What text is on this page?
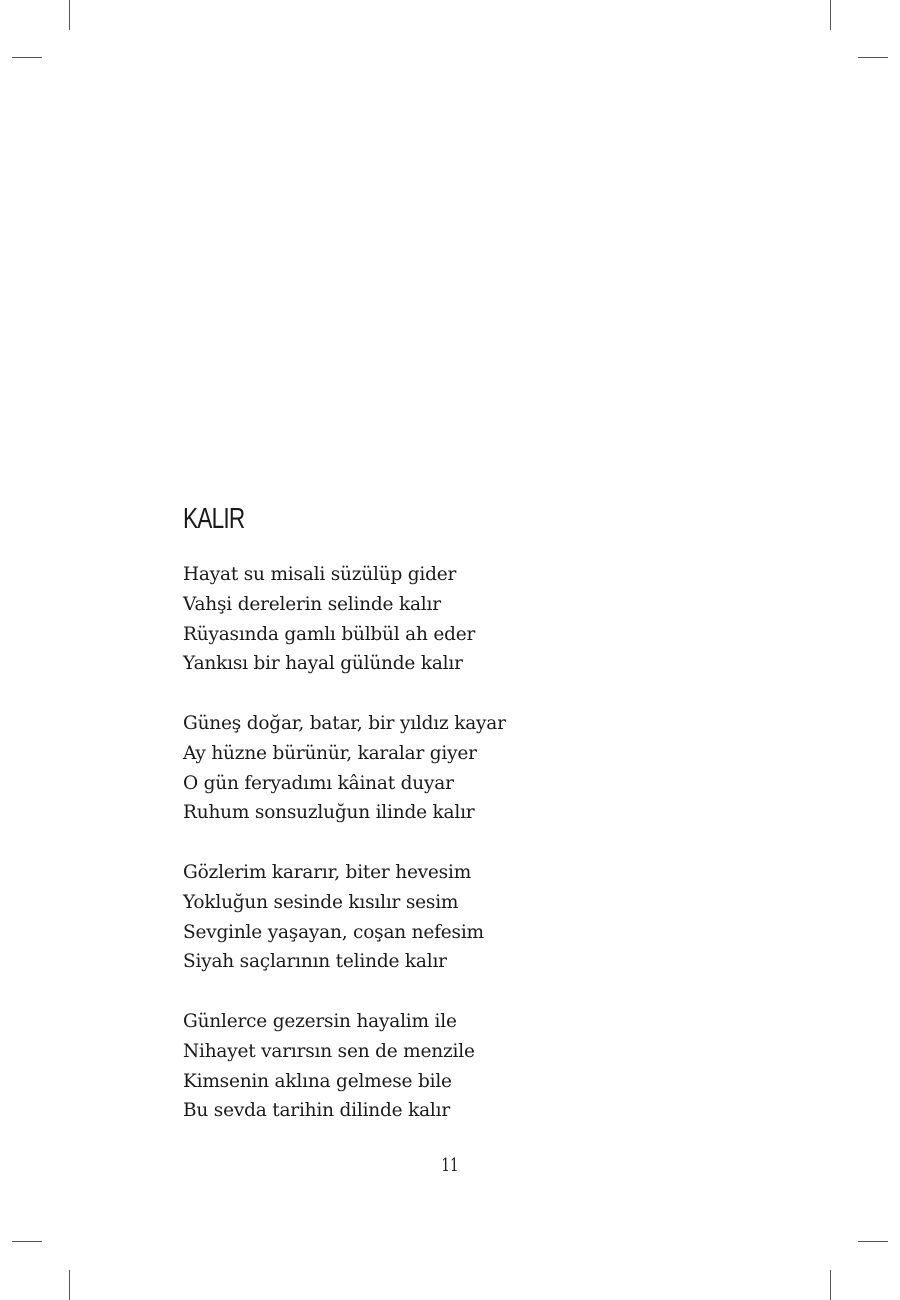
KALIR
Hayat su misali süzülüp gider
Vahşi derelerin selinde kalır
Rüyasında gamlı bülbül ah eder
Yankısı bir hayal gülünde kalır
Güneş doğar, batar, bir yıldız kayar
Ay hüzne bürünür, karalar giyer
O gün feryadımı kâinat duyar
Ruhum sonsuzluğun ilinde kalır
Gözlerim kararır, biter hevesim
Yokluğun sesinde kısılır sesim
Sevginle yaşayan, coşan nefesim
Siyah saçlarının telinde kalır
Günlerce gezersin hayalim ile
Nihayet varırsın sen de menzile
Kimsenin aklına gelmese bile
Bu sevda tarihin dilinde kalır
11
